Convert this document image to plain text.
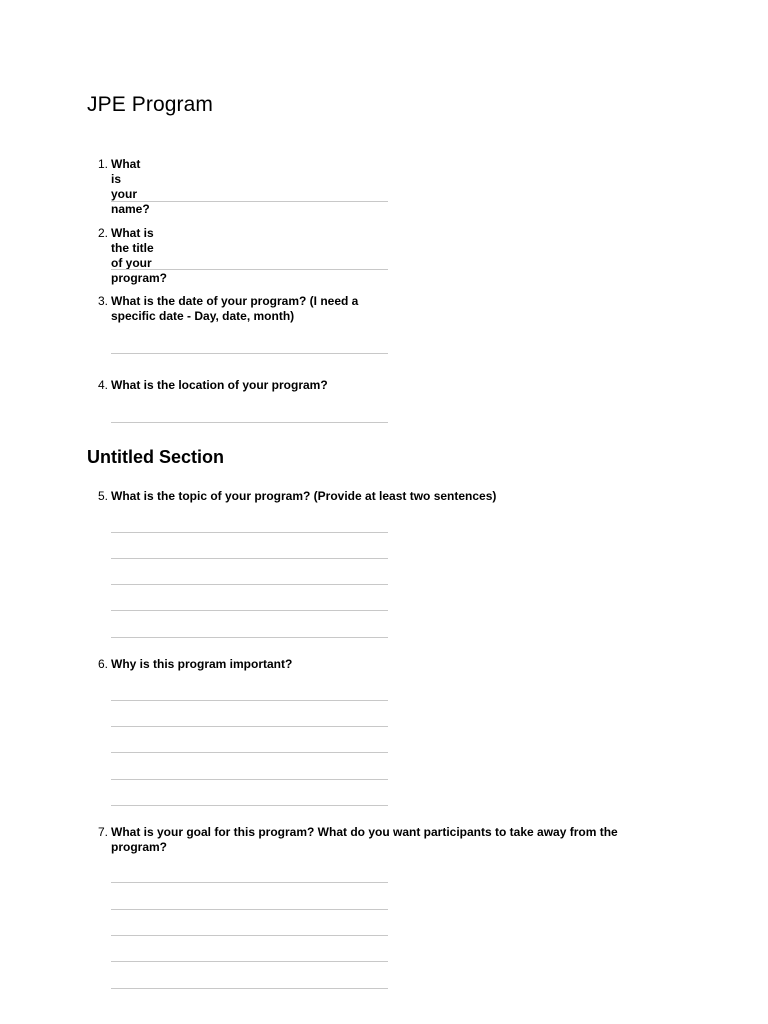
JPE Program
1. What is your name?
2. What is the title of your program?
3. What is the date of your program? (I need a
specific date - Day, date, month)
4. What is the location of your program?
Untitled Section
5. What is the topic of your program? (Provide at least two sentences)
6. Why is this program important?
7. What is your goal for this program? What do you want participants to take away from the
program?
